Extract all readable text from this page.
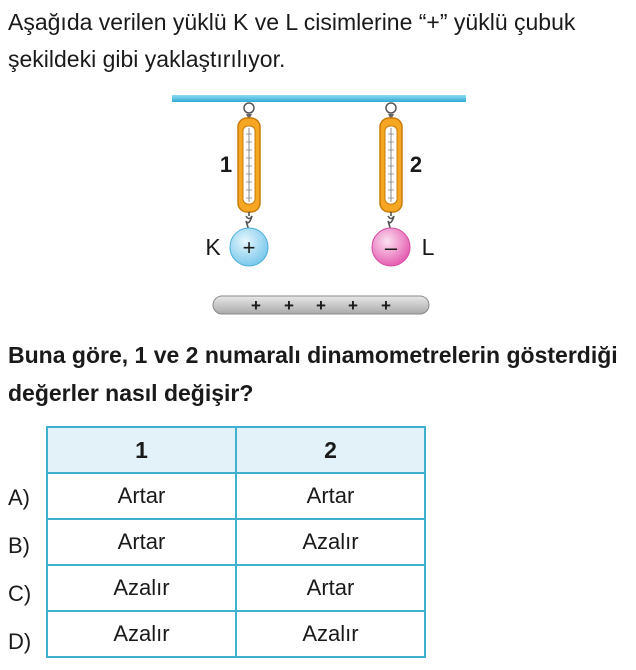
Aşağıda verilen yüklü K ve L cisimlerine “+” yüklü çubuk şekildeki gibi yaklaştırılıyor.

1	2
+
K	– L
+ + + + +

Buna göre, 1 ve 2 numaralı dinamometrelerin gösterdiği değerler nasıl değişir?

A)
B)
C)
D)
1	2
Artar	Artar
Artar	Azalır
Azalır	Artar
Azalır	Azalır
